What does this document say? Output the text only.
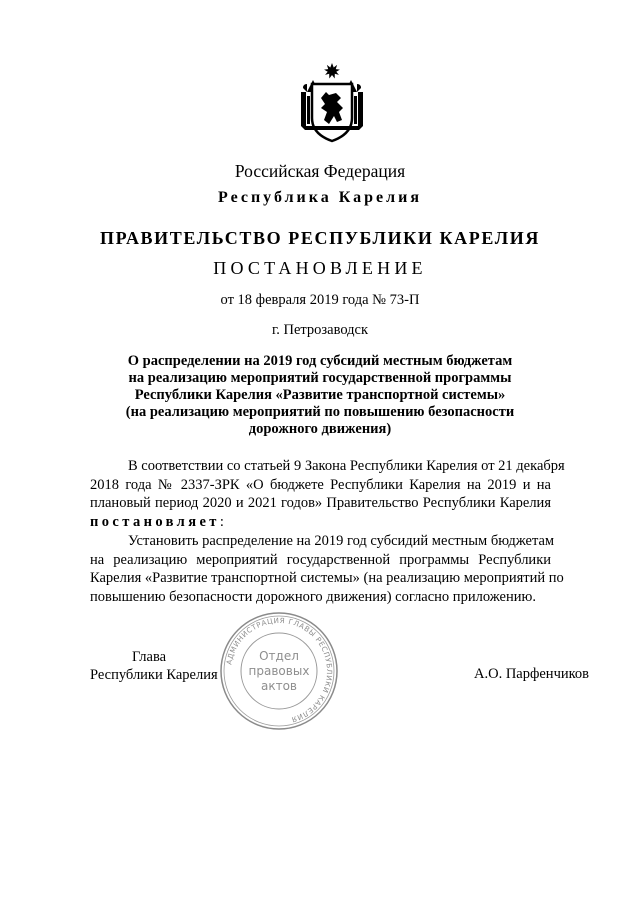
Российская Федерация
Республика Карелия
ПРАВИТЕЛЬСТВО РЕСПУБЛИКИ КАРЕЛИЯ
ПОСТАНОВЛЕНИЕ
от 18 февраля 2019 года № 73-П
г. Петрозаводск
О распределении на 2019 год субсидий местным бюджетам
на реализацию мероприятий государственной программы
Республики Карелия «Развитие транспортной системы»
(на реализацию мероприятий по повышению безопасности
дорожного движения)
В соответствии со статьей 9 Закона Республики Карелия от 21 декабря
2018 года № 2337-ЗРК «О бюджете Республики Карелия на 2019 и на
плановый период 2020 и 2021 годов» Правительство Республики Карелия
постановляет:
Установить распределение на 2019 год субсидий местным бюджетам
на реализацию мероприятий государственной программы Республики
Карелия «Развитие транспортной системы» (на реализацию мероприятий по
повышению безопасности дорожного движения) согласно приложению.
Глава
Республики Карелия	А.О. Парфенчиков
АДМИНИСТРАЦИЯ ГЛАВЫ РЕСПУБЛИКИ КАРЕЛИЯ
Отдел
правовых
актов
